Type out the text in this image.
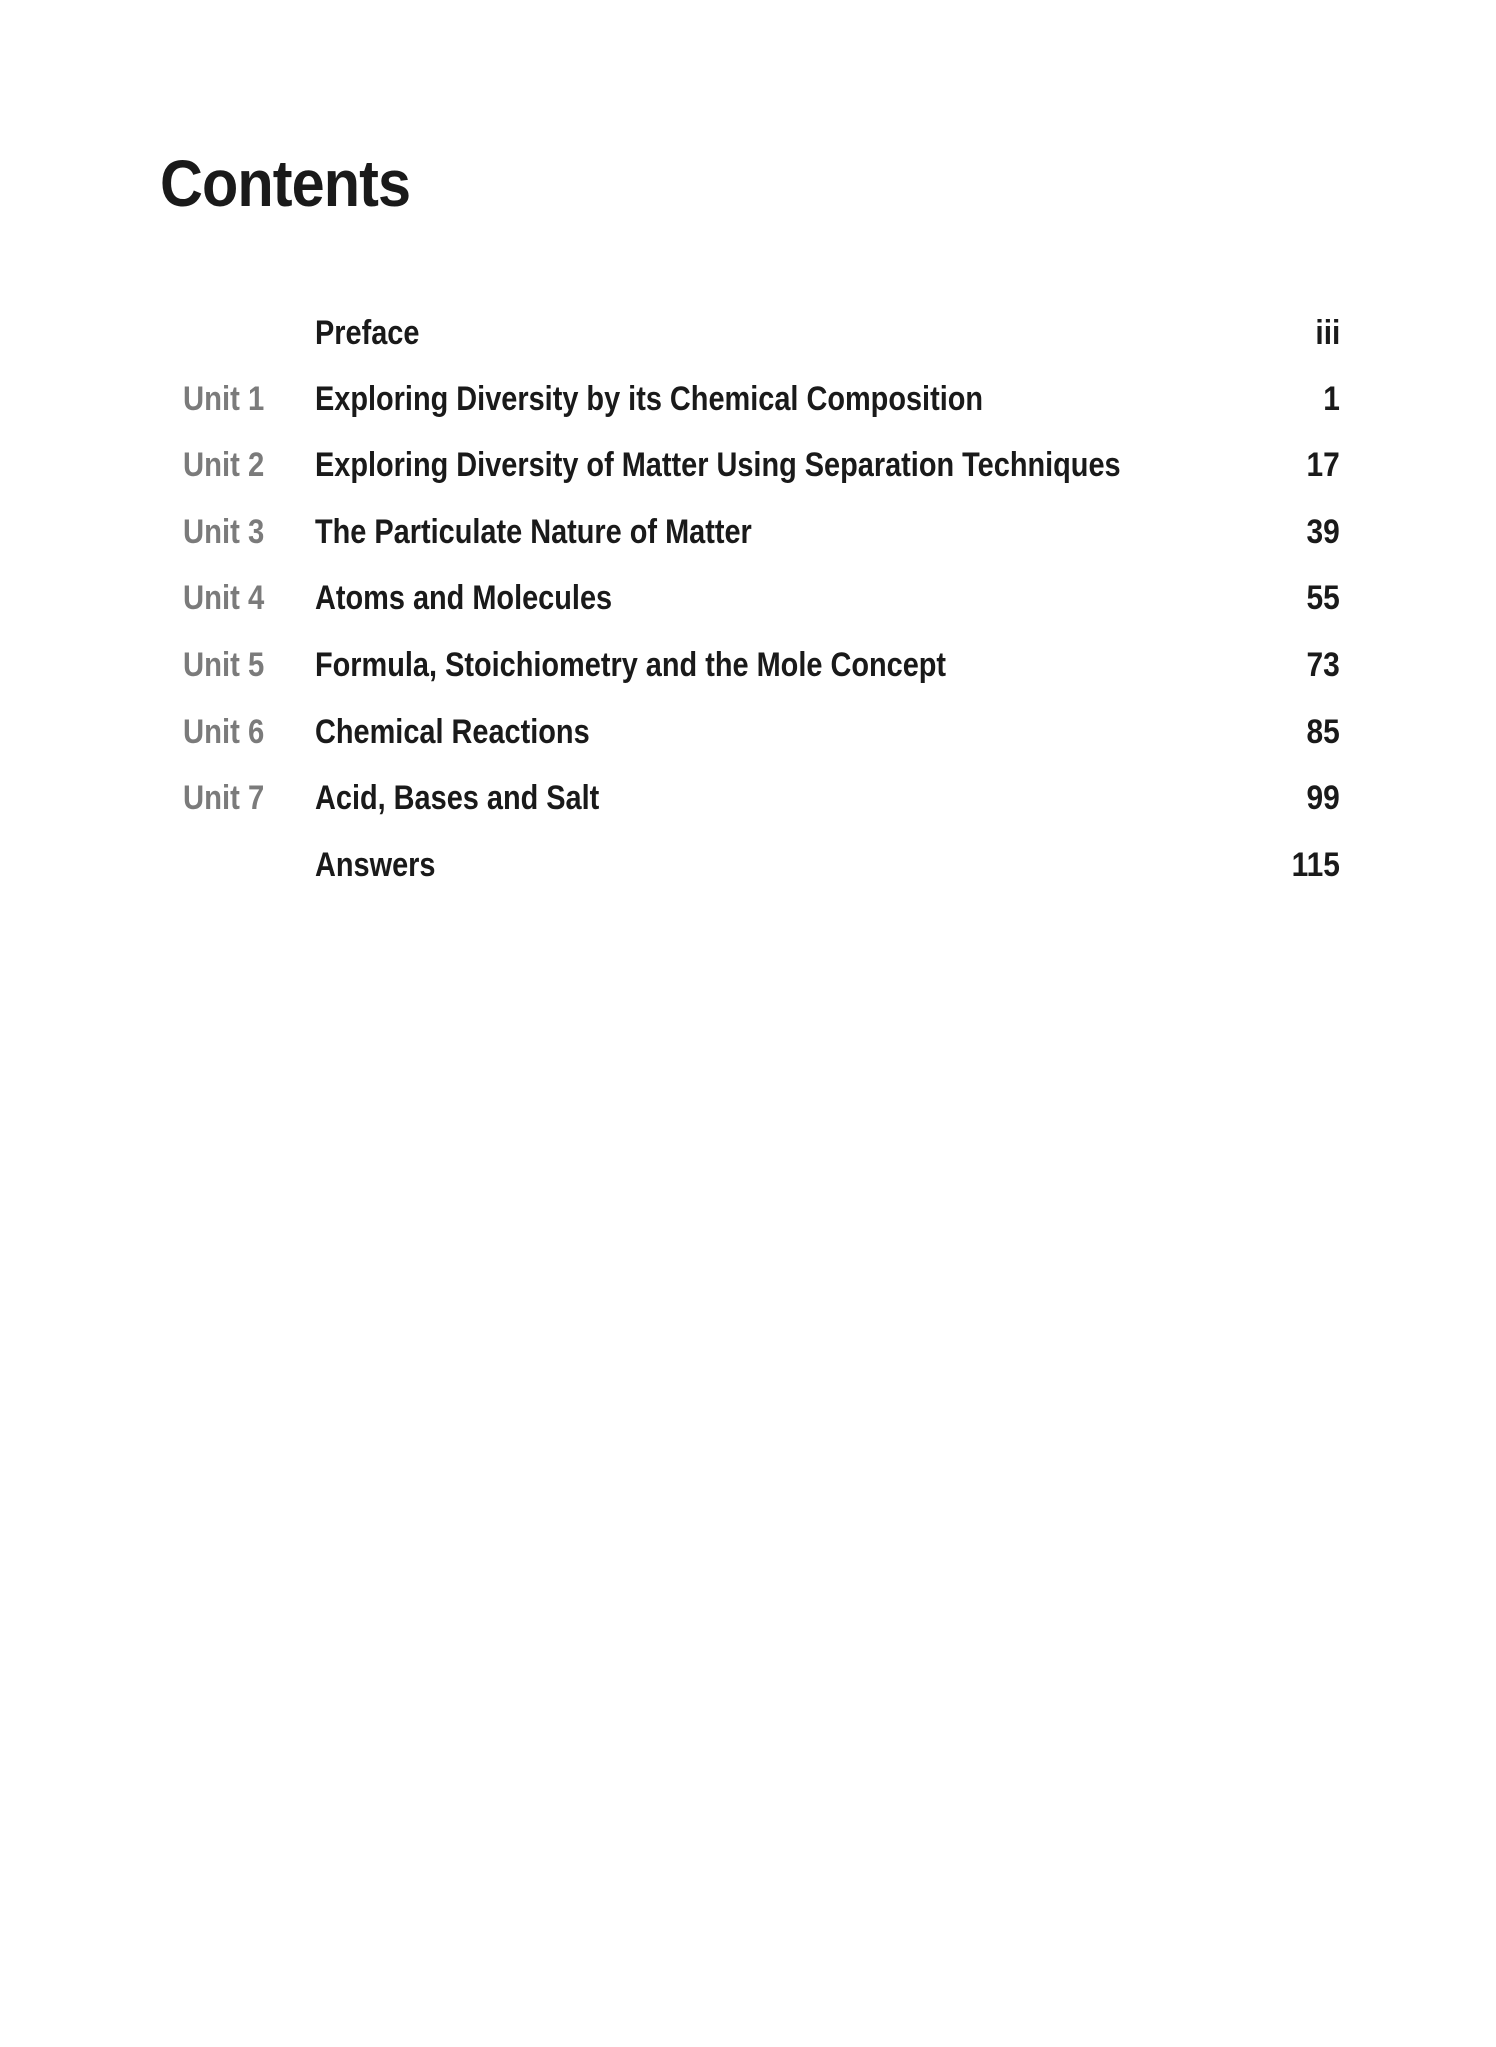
Contents
Preface	iii
Unit 1 Exploring Diversity by its Chemical Composition	1
Unit 2 Exploring Diversity of Matter Using Separation Techniques	17
Unit 3 The Particulate Nature of Matter	39
Unit 4 Atoms and Molecules	55
Unit 5 Formula, Stoichiometry and the Mole Concept	73
Unit 6 Chemical Reactions	85
Unit 7 Acid, Bases and Salt	99
Answers	115
